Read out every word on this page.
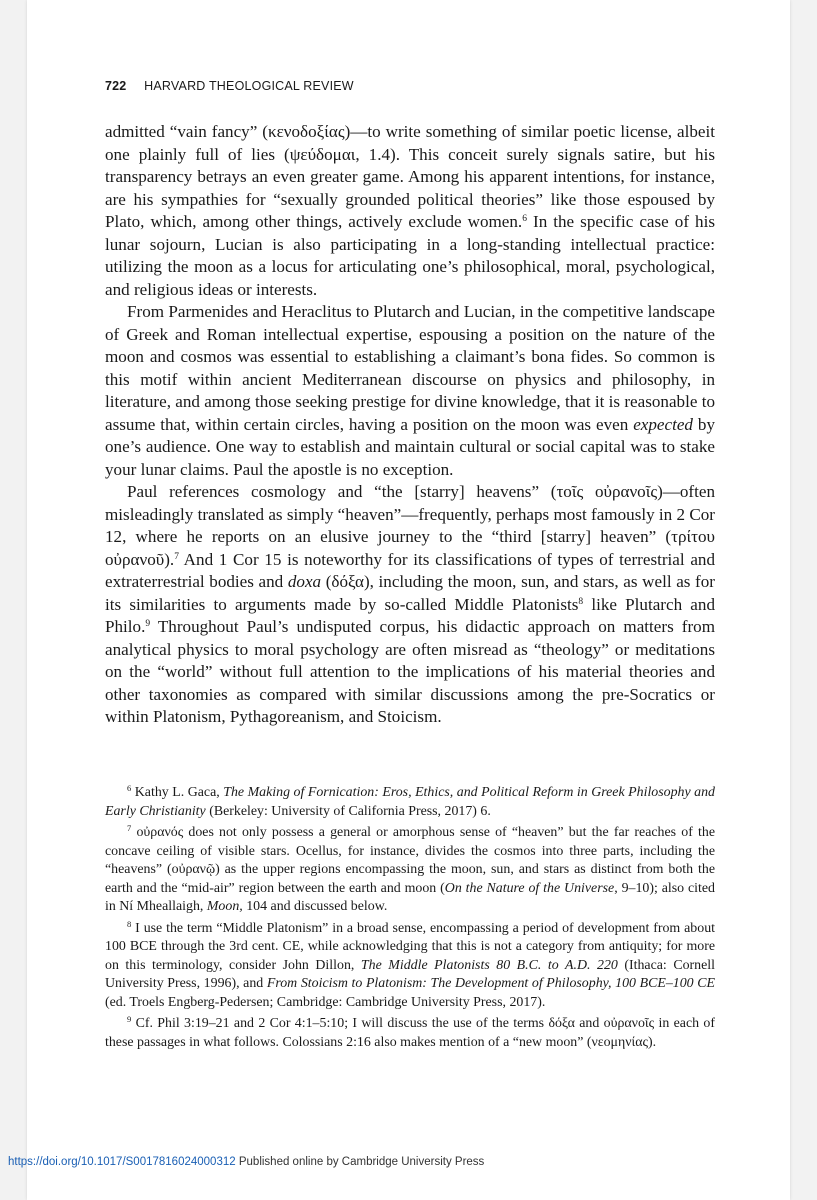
722 HARVARD THEOLOGICAL REVIEW

admitted “vain fancy” (κενοδοξίας)—to write something of similar poetic license, albeit one plainly full of lies (ψεύδομαι, 1.4). This conceit surely signals satire, but his transparency betrays an even greater game. Among his apparent intentions, for instance, are his sympathies for “sexually grounded political theories” like those espoused by Plato, which, among other things, actively exclude women.$^6$ In the specific case of his lunar sojourn, Lucian is also participating in a long-standing intellectual practice: utilizing the moon as a locus for articulating one’s philosophical, moral, psychological, and religious ideas or interests.

From Parmenides and Heraclitus to Plutarch and Lucian, in the competitive landscape of Greek and Roman intellectual expertise, espousing a position on the nature of the moon and cosmos was essential to establishing a claimant’s bona fides. So common is this motif within ancient Mediterranean discourse on physics and philosophy, in literature, and among those seeking prestige for divine knowledge, that it is reasonable to assume that, within certain circles, having a position on the moon was even expected by one’s audience. One way to establish and maintain cultural or social capital was to stake your lunar claims. Paul the apostle is no exception.

Paul references cosmology and “the [starry] heavens” (τοῖς οὐρανοῖς)—often misleadingly translated as simply “heaven”—frequently, perhaps most famously in 2 Cor 12, where he reports on an elusive journey to the “third [starry] heaven” (τρίτου οὐρανοῦ).$^7$ And 1 Cor 15 is noteworthy for its classifications of types of terrestrial and extraterrestrial bodies and doxa (δόξα), including the moon, sun, and stars, as well as for its similarities to arguments made by so-called Middle Platonists$^8$ like Plutarch and Philo.$^9$ Throughout Paul’s undisputed corpus, his didactic approach on matters from analytical physics to moral psychology are often misread as “theology” or meditations on the “world” without full attention to the implications of his material theories and other taxonomies as compared with similar discussions among the pre-Socratics or within Platonism, Pythagoreanism, and Stoicism.

$^6$ Kathy L. Gaca, The Making of Fornication: Eros, Ethics, and Political Reform in Greek Philosophy and Early Christianity (Berkeley: University of California Press, 2017) 6.

$^7$ οὐρανός does not only possess a general or amorphous sense of “heaven” but the far reaches of the concave ceiling of visible stars. Ocellus, for instance, divides the cosmos into three parts, including the “heavens” (οὐρανῷ) as the upper regions encompassing the moon, sun, and stars as distinct from both the earth and the “mid-air” region between the earth and moon (On the Nature of the Universe, 9–10); also cited in Ní Mheallaigh, Moon, 104 and discussed below.

$^8$ I use the term “Middle Platonism” in a broad sense, encompassing a period of development from about 100 BCE through the 3rd cent. CE, while acknowledging that this is not a category from antiquity; for more on this terminology, consider John Dillon, The Middle Platonists 80 B.C. to A.D. 220 (Ithaca: Cornell University Press, 1996), and From Stoicism to Platonism: The Development of Philosophy, 100 BCE–100 CE (ed. Troels Engberg-Pedersen; Cambridge: Cambridge University Press, 2017).

$^9$ Cf. Phil 3:19–21 and 2 Cor 4:1–5:10; I will discuss the use of the terms δόξα and οὐρανοῖς in each of these passages in what follows. Colossians 2:16 also makes mention of a “new moon” (νεομηνίας).

https://doi.org/10.1017/S0017816024000312 Published online by Cambridge University Press
